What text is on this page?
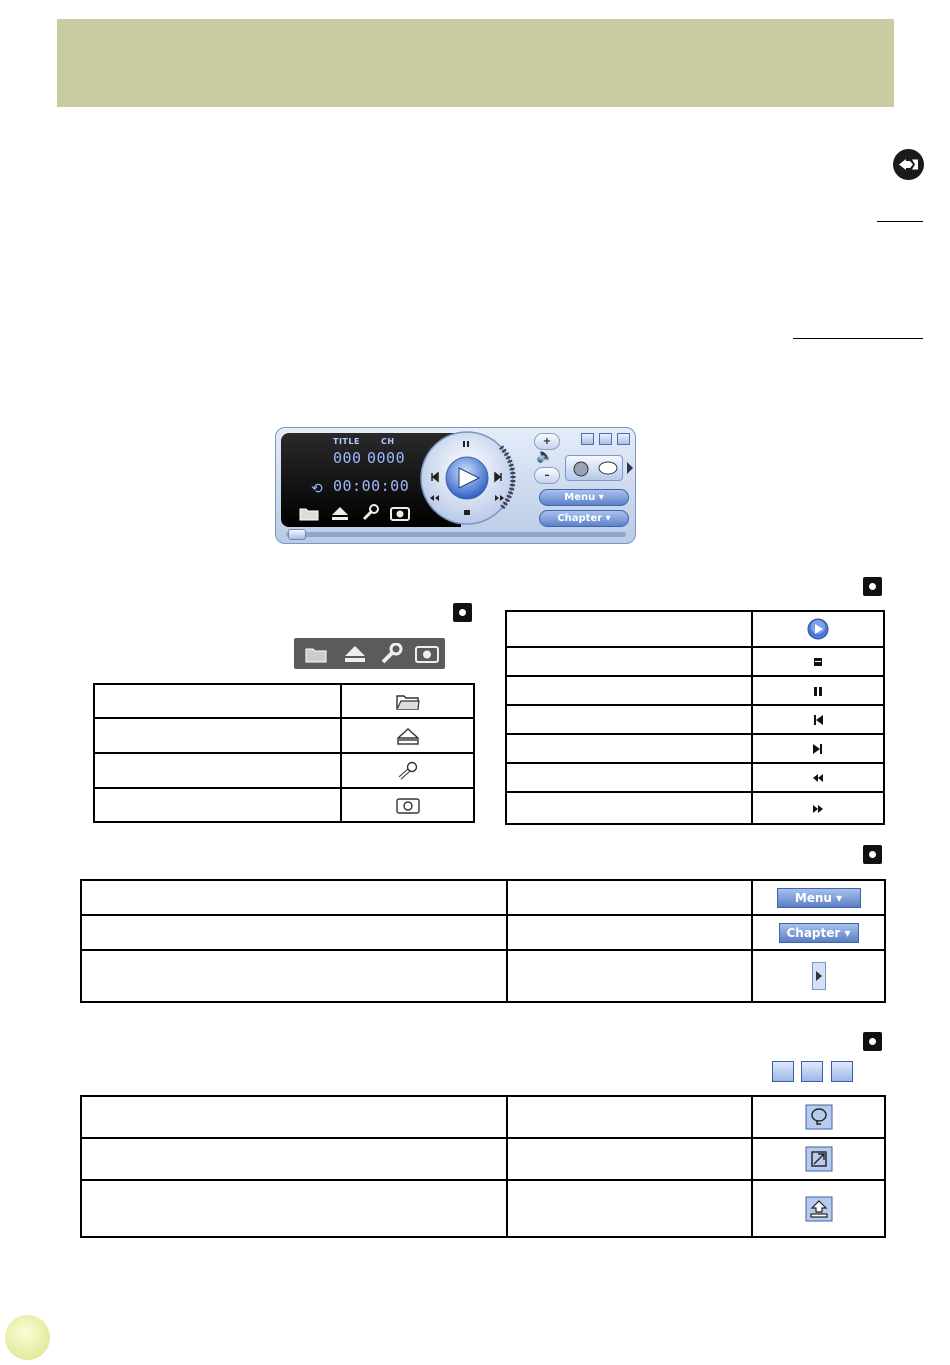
TITLE	CH
000 0000
⟲ 00:00:00
+
🔈
–
Menu ▾
Chapter ▾

		Menu ▾
		Chapter ▾
